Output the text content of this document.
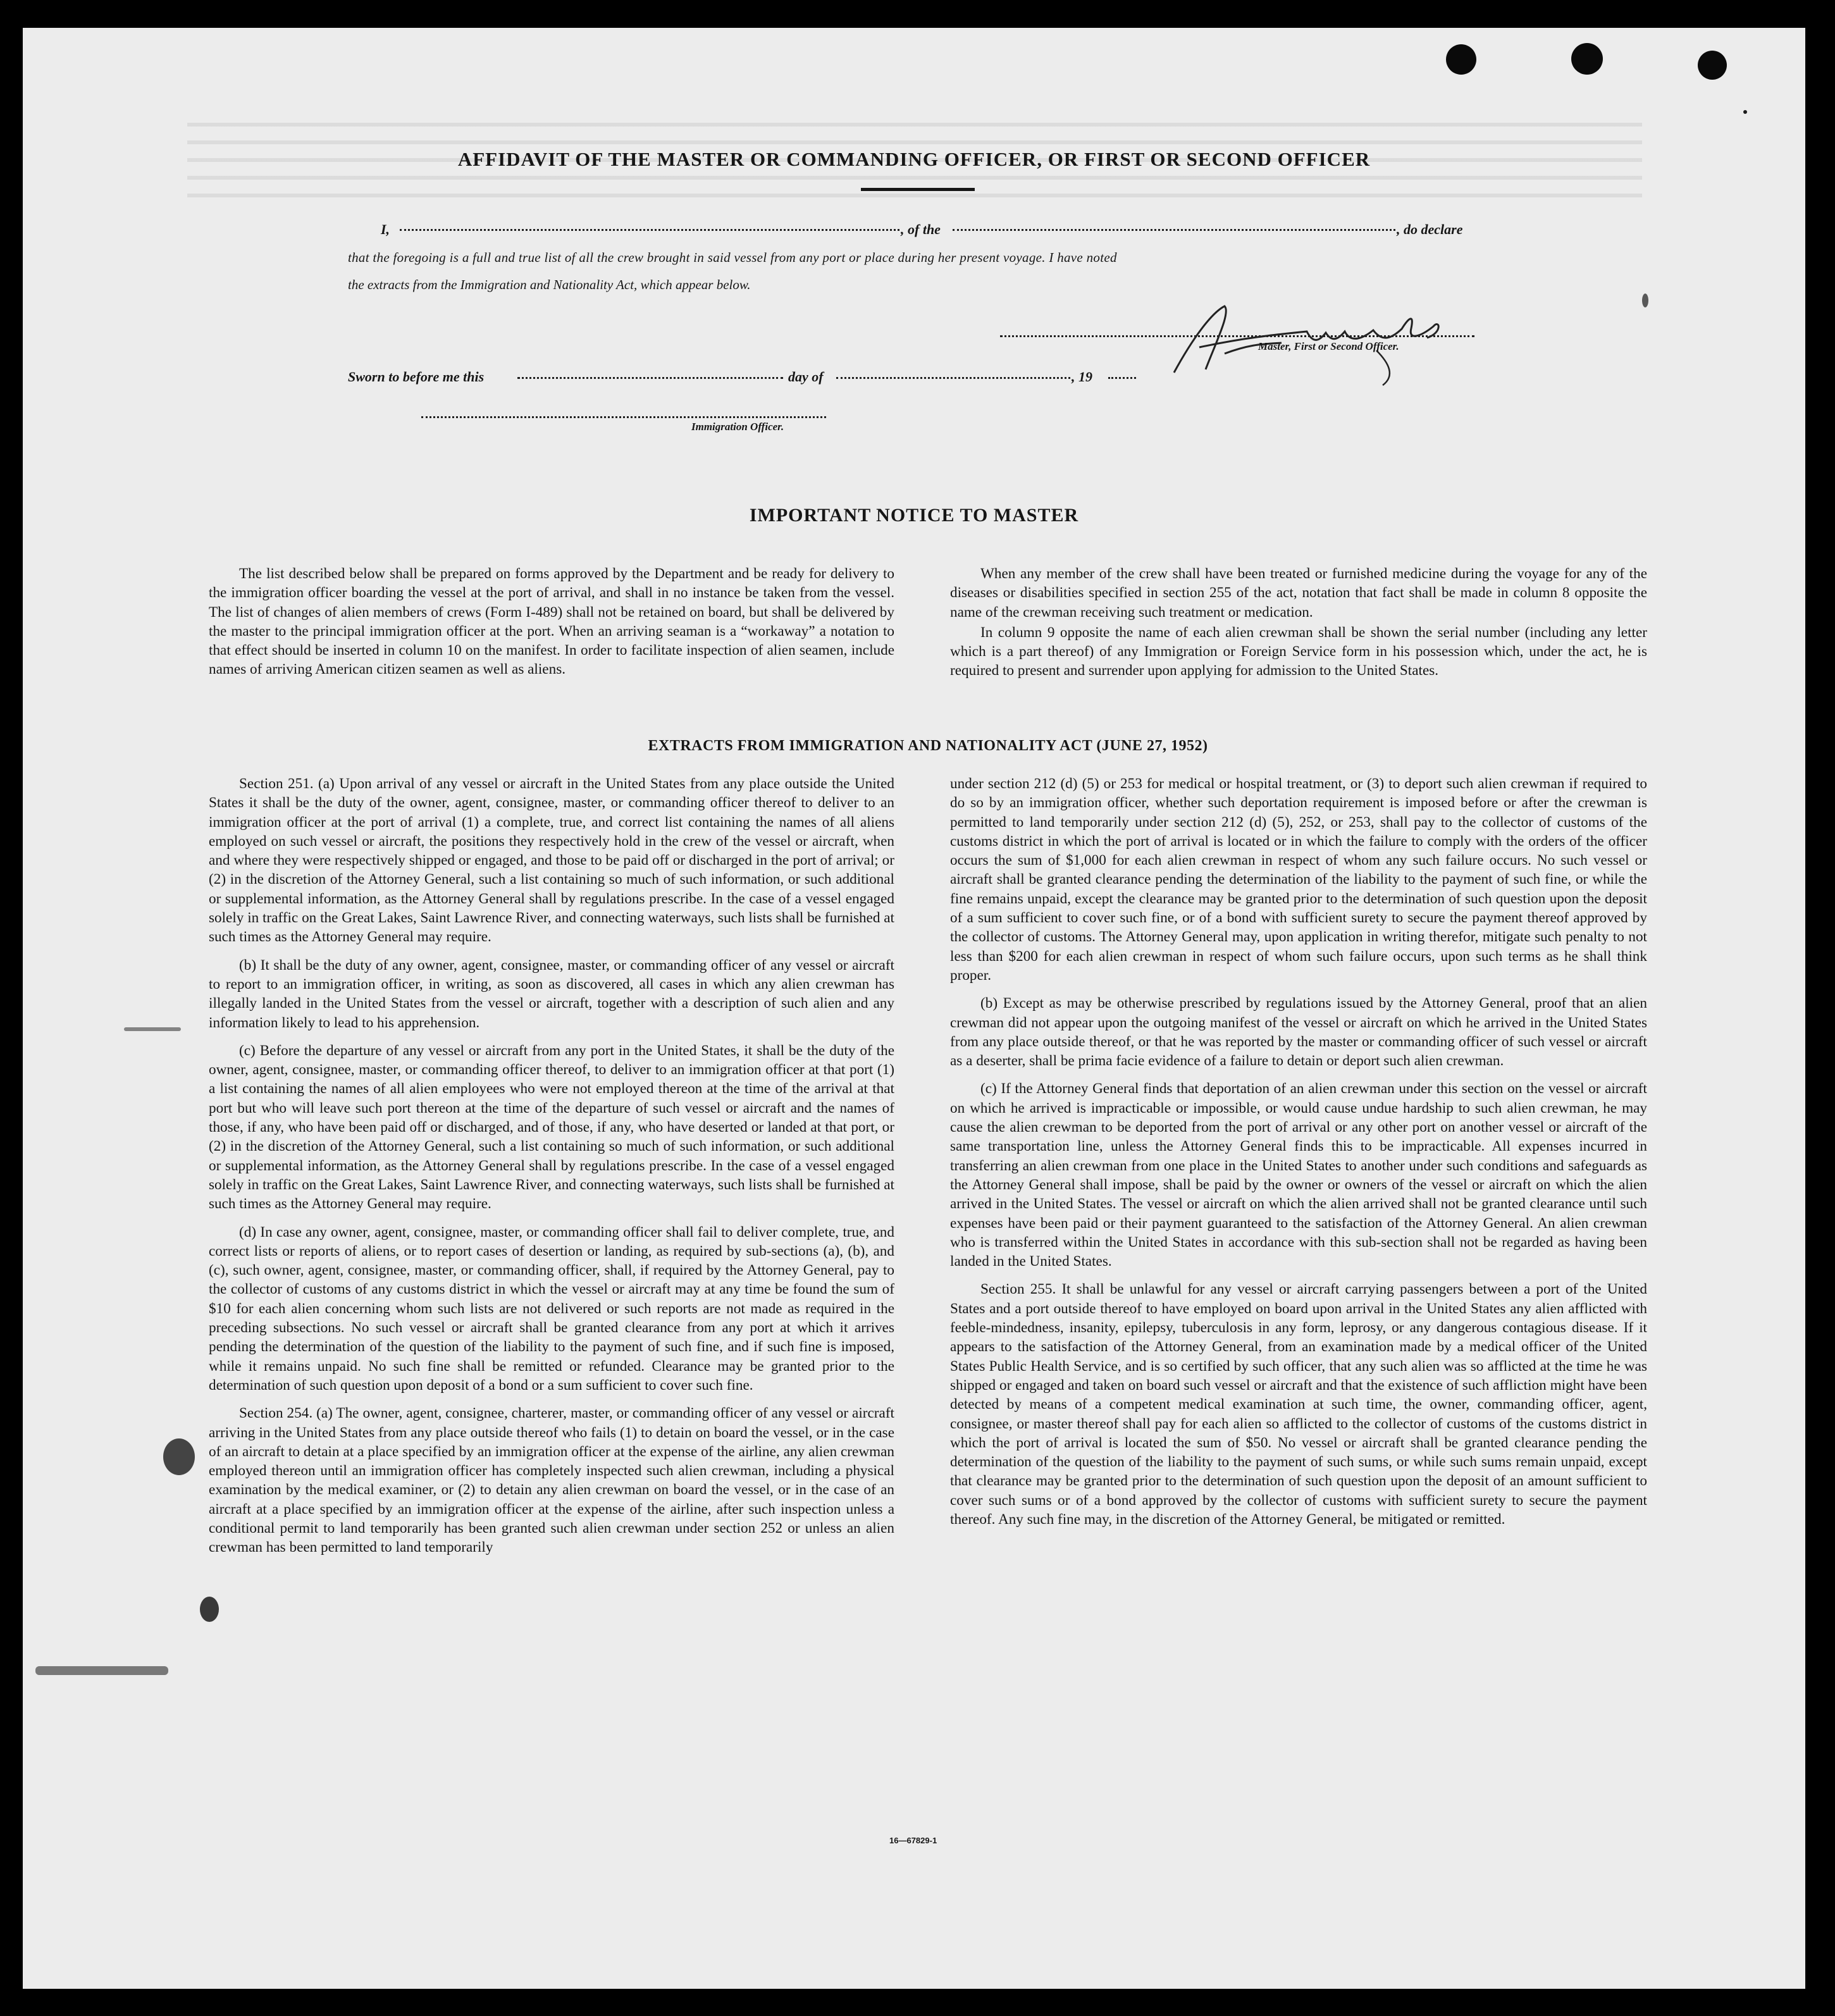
AFFIDAVIT OF THE MASTER OR COMMANDING OFFICER, OR FIRST OR SECOND OFFICER
I,	, of the	, do declare
that the foregoing is a full and true list of all the crew brought in said vessel from any port or place during her present voyage. I have noted
the extracts from the Immigration and Nationality Act, which appear below.
Master, First or Second Officer.
Sworn to before me this	day of	, 19
Immigration Officer.
IMPORTANT NOTICE TO MASTER

The list described below shall be prepared on forms approved by the Department and be ready for delivery to the immigration officer boarding the vessel at the port of arrival, and shall in no instance be taken from the vessel. The list of changes of alien members of crews (Form I-489) shall not be retained on board, but shall be delivered by the master to the principal immigration officer at the port. When an arriving seaman is a “workaway” a notation to that effect should be inserted in column 10 on the manifest. In order to facilitate inspection of alien seamen, include names of arriving American citizen seamen as well as aliens.

When any member of the crew shall have been treated or furnished medicine during the voyage for any of the diseases or disabilities specified in section 255 of the act, notation that fact shall be made in column 8 opposite the name of the crewman receiving such treatment or medication.

In column 9 opposite the name of each alien crewman shall be shown the serial number (including any letter which is a part thereof) of any Immigration or Foreign Service form in his possession which, under the act, he is required to present and surrender upon applying for admission to the United States.

EXTRACTS FROM IMMIGRATION AND NATIONALITY ACT (JUNE 27, 1952)

Section 251. (a) Upon arrival of any vessel or aircraft in the United States from any place outside the United States it shall be the duty of the owner, agent, consignee, master, or commanding officer thereof to deliver to an immigration officer at the port of arrival (1) a complete, true, and correct list containing the names of all aliens employed on such vessel or aircraft, the positions they respectively hold in the crew of the vessel or aircraft, when and where they were respectively shipped or engaged, and those to be paid off or discharged in the port of arrival; or (2) in the discretion of the Attorney General, such a list containing so much of such information, or such additional or supplemental information, as the Attorney General shall by regulations prescribe. In the case of a vessel engaged solely in traffic on the Great Lakes, Saint Lawrence River, and connecting waterways, such lists shall be furnished at such times as the Attorney General may require.

(b) It shall be the duty of any owner, agent, consignee, master, or commanding officer of any vessel or aircraft to report to an immigration officer, in writing, as soon as discovered, all cases in which any alien crewman has illegally landed in the United States from the vessel or aircraft, together with a description of such alien and any information likely to lead to his apprehension.

(c) Before the departure of any vessel or aircraft from any port in the United States, it shall be the duty of the owner, agent, consignee, master, or commanding officer thereof, to deliver to an immigration officer at that port (1) a list containing the names of all alien employees who were not employed thereon at the time of the arrival at that port but who will leave such port thereon at the time of the departure of such vessel or aircraft and the names of those, if any, who have been paid off or discharged, and of those, if any, who have deserted or landed at that port, or (2) in the discretion of the Attorney General, such a list containing so much of such information, or such additional or supplemental information, as the Attorney General shall by regulations prescribe. In the case of a vessel engaged solely in traffic on the Great Lakes, Saint Lawrence River, and connecting waterways, such lists shall be furnished at such times as the Attorney General may require.

(d) In case any owner, agent, consignee, master, or commanding officer shall fail to deliver complete, true, and correct lists or reports of aliens, or to report cases of desertion or landing, as required by sub-sections (a), (b), and (c), such owner, agent, consignee, master, or commanding officer, shall, if required by the Attorney General, pay to the collector of customs of any customs district in which the vessel or aircraft may at any time be found the sum of $10 for each alien concerning whom such lists are not delivered or such reports are not made as required in the preceding subsections. No such vessel or aircraft shall be granted clearance from any port at which it arrives pending the determination of the question of the liability to the payment of such fine, and if such fine is imposed, while it remains unpaid. No such fine shall be remitted or refunded. Clearance may be granted prior to the determination of such question upon deposit of a bond or a sum sufficient to cover such fine.

Section 254. (a) The owner, agent, consignee, charterer, master, or commanding officer of any vessel or aircraft arriving in the United States from any place outside thereof who fails (1) to detain on board the vessel, or in the case of an aircraft to detain at a place specified by an immigration officer at the expense of the airline, any alien crewman employed thereon until an immigration officer has completely inspected such alien crewman, including a physical examination by the medical examiner, or (2) to detain any alien crewman on board the vessel, or in the case of an aircraft at a place specified by an immigration officer at the expense of the airline, after such inspection unless a conditional permit to land temporarily has been granted such alien crewman under section 252 or unless an alien crewman has been permitted to land temporarily

under section 212 (d) (5) or 253 for medical or hospital treatment, or (3) to deport such alien crewman if required to do so by an immigration officer, whether such deportation requirement is imposed before or after the crewman is permitted to land temporarily under section 212 (d) (5), 252, or 253, shall pay to the collector of customs of the customs district in which the port of arrival is located or in which the failure to comply with the orders of the officer occurs the sum of $1,000 for each alien crewman in respect of whom any such failure occurs. No such vessel or aircraft shall be granted clearance pending the determination of the liability to the payment of such fine, or while the fine remains unpaid, except the clearance may be granted prior to the determination of such question upon the deposit of a sum sufficient to cover such fine, or of a bond with sufficient surety to secure the payment thereof approved by the collector of customs. The Attorney General may, upon application in writing therefor, mitigate such penalty to not less than $200 for each alien crewman in respect of whom such failure occurs, upon such terms as he shall think proper.

(b) Except as may be otherwise prescribed by regulations issued by the Attorney General, proof that an alien crewman did not appear upon the outgoing manifest of the vessel or aircraft on which he arrived in the United States from any place outside thereof, or that he was reported by the master or commanding officer of such vessel or aircraft as a deserter, shall be prima facie evidence of a failure to detain or deport such alien crewman.

(c) If the Attorney General finds that deportation of an alien crewman under this section on the vessel or aircraft on which he arrived is impracticable or impossible, or would cause undue hardship to such alien crewman, he may cause the alien crewman to be deported from the port of arrival or any other port on another vessel or aircraft of the same transportation line, unless the Attorney General finds this to be impracticable. All expenses incurred in transferring an alien crewman from one place in the United States to another under such conditions and safeguards as the Attorney General shall impose, shall be paid by the owner or owners of the vessel or aircraft on which the alien arrived in the United States. The vessel or aircraft on which the alien arrived shall not be granted clearance until such expenses have been paid or their payment guaranteed to the satisfaction of the Attorney General. An alien crewman who is transferred within the United States in accordance with this sub-section shall not be regarded as having been landed in the United States.

Section 255. It shall be unlawful for any vessel or aircraft carrying passengers between a port of the United States and a port outside thereof to have employed on board upon arrival in the United States any alien afflicted with feeble-mindedness, insanity, epilepsy, tuberculosis in any form, leprosy, or any dangerous contagious disease. If it appears to the satisfaction of the Attorney General, from an examination made by a medical officer of the United States Public Health Service, and is so certified by such officer, that any such alien was so afflicted at the time he was shipped or engaged and taken on board such vessel or aircraft and that the existence of such affliction might have been detected by means of a competent medical examination at such time, the owner, commanding officer, agent, consignee, or master thereof shall pay for each alien so afflicted to the collector of customs of the customs district in which the port of arrival is located the sum of $50. No vessel or aircraft shall be granted clearance pending the determination of the question of the liability to the payment of such sums, or while such sums remain unpaid, except that clearance may be granted prior to the determination of such question upon the deposit of an amount sufficient to cover such sums or of a bond approved by the collector of customs with sufficient surety to secure the payment thereof. Any such fine may, in the discretion of the Attorney General, be mitigated or remitted.

16—67829-1
